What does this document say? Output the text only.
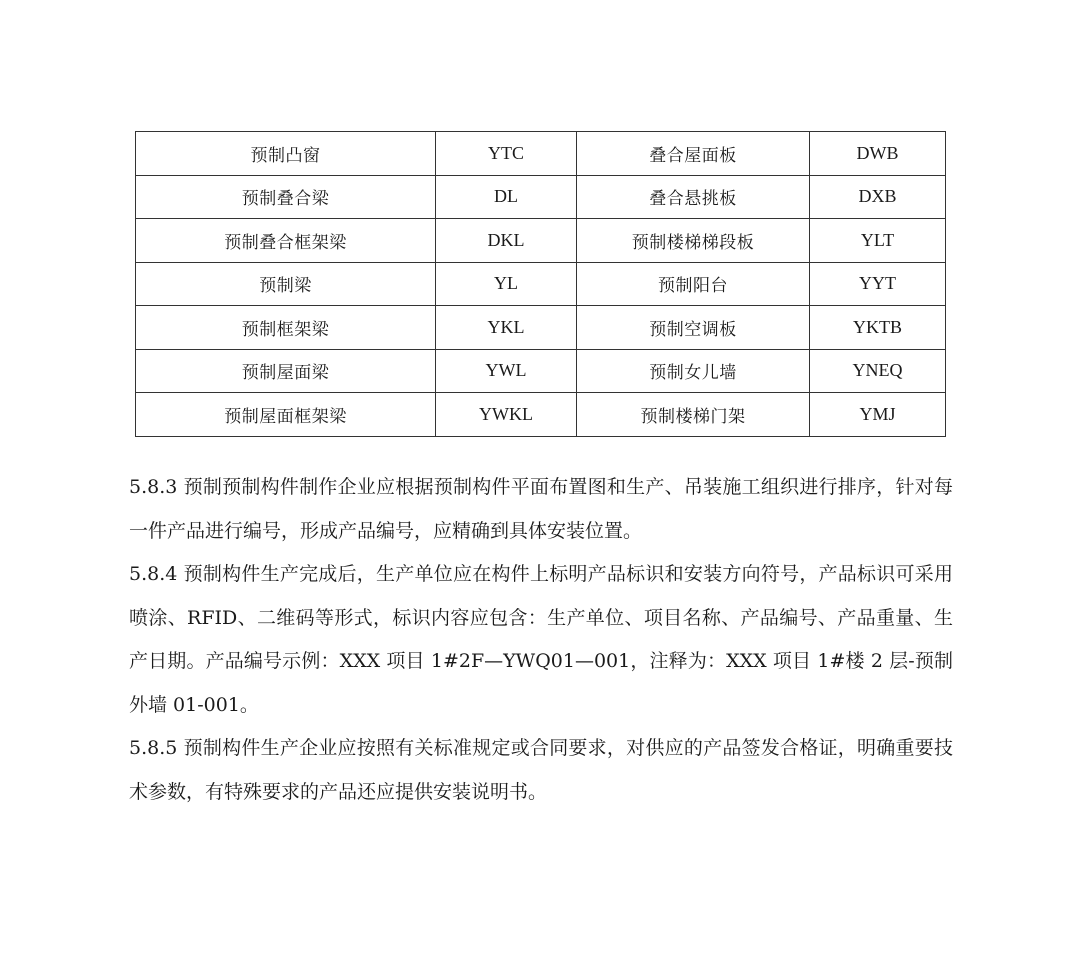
预制凸窗	YTC	叠合屋面板	DWB
预制叠合梁	DL	叠合悬挑板	DXB
预制叠合框架梁	DKL	预制楼梯梯段板	YLT
预制梁	YL	预制阳台	YYT
预制框架梁	YKL	预制空调板	YKTB
预制屋面梁	YWL	预制女儿墙	YNEQ
预制屋面框架梁	YWKL	预制楼梯门架	YMJ

5.8.3 预制预制构件制作企业应根据预制构件平面布置图和生产、吊装施工组织进行排序，针对每一件产品进行编号，形成产品编号，应精确到具体安装位置。

5.8.4 预制构件生产完成后，生产单位应在构件上标明产品标识和安装方向符号，产品标识可采用喷涂、RFID、二维码等形式，标识内容应包含：生产单位、项目名称、产品编号、产品重量、生产日期。产品编号示例：XXX 项目 1#2F—YWQ01—001，注释为：XXX 项目 1#楼 2 层-预制外墙 01-001。

5.8.5 预制构件生产企业应按照有关标准规定或合同要求，对供应的产品签发合格证，明确重要技术参数，有特殊要求的产品还应提供安装说明书。
